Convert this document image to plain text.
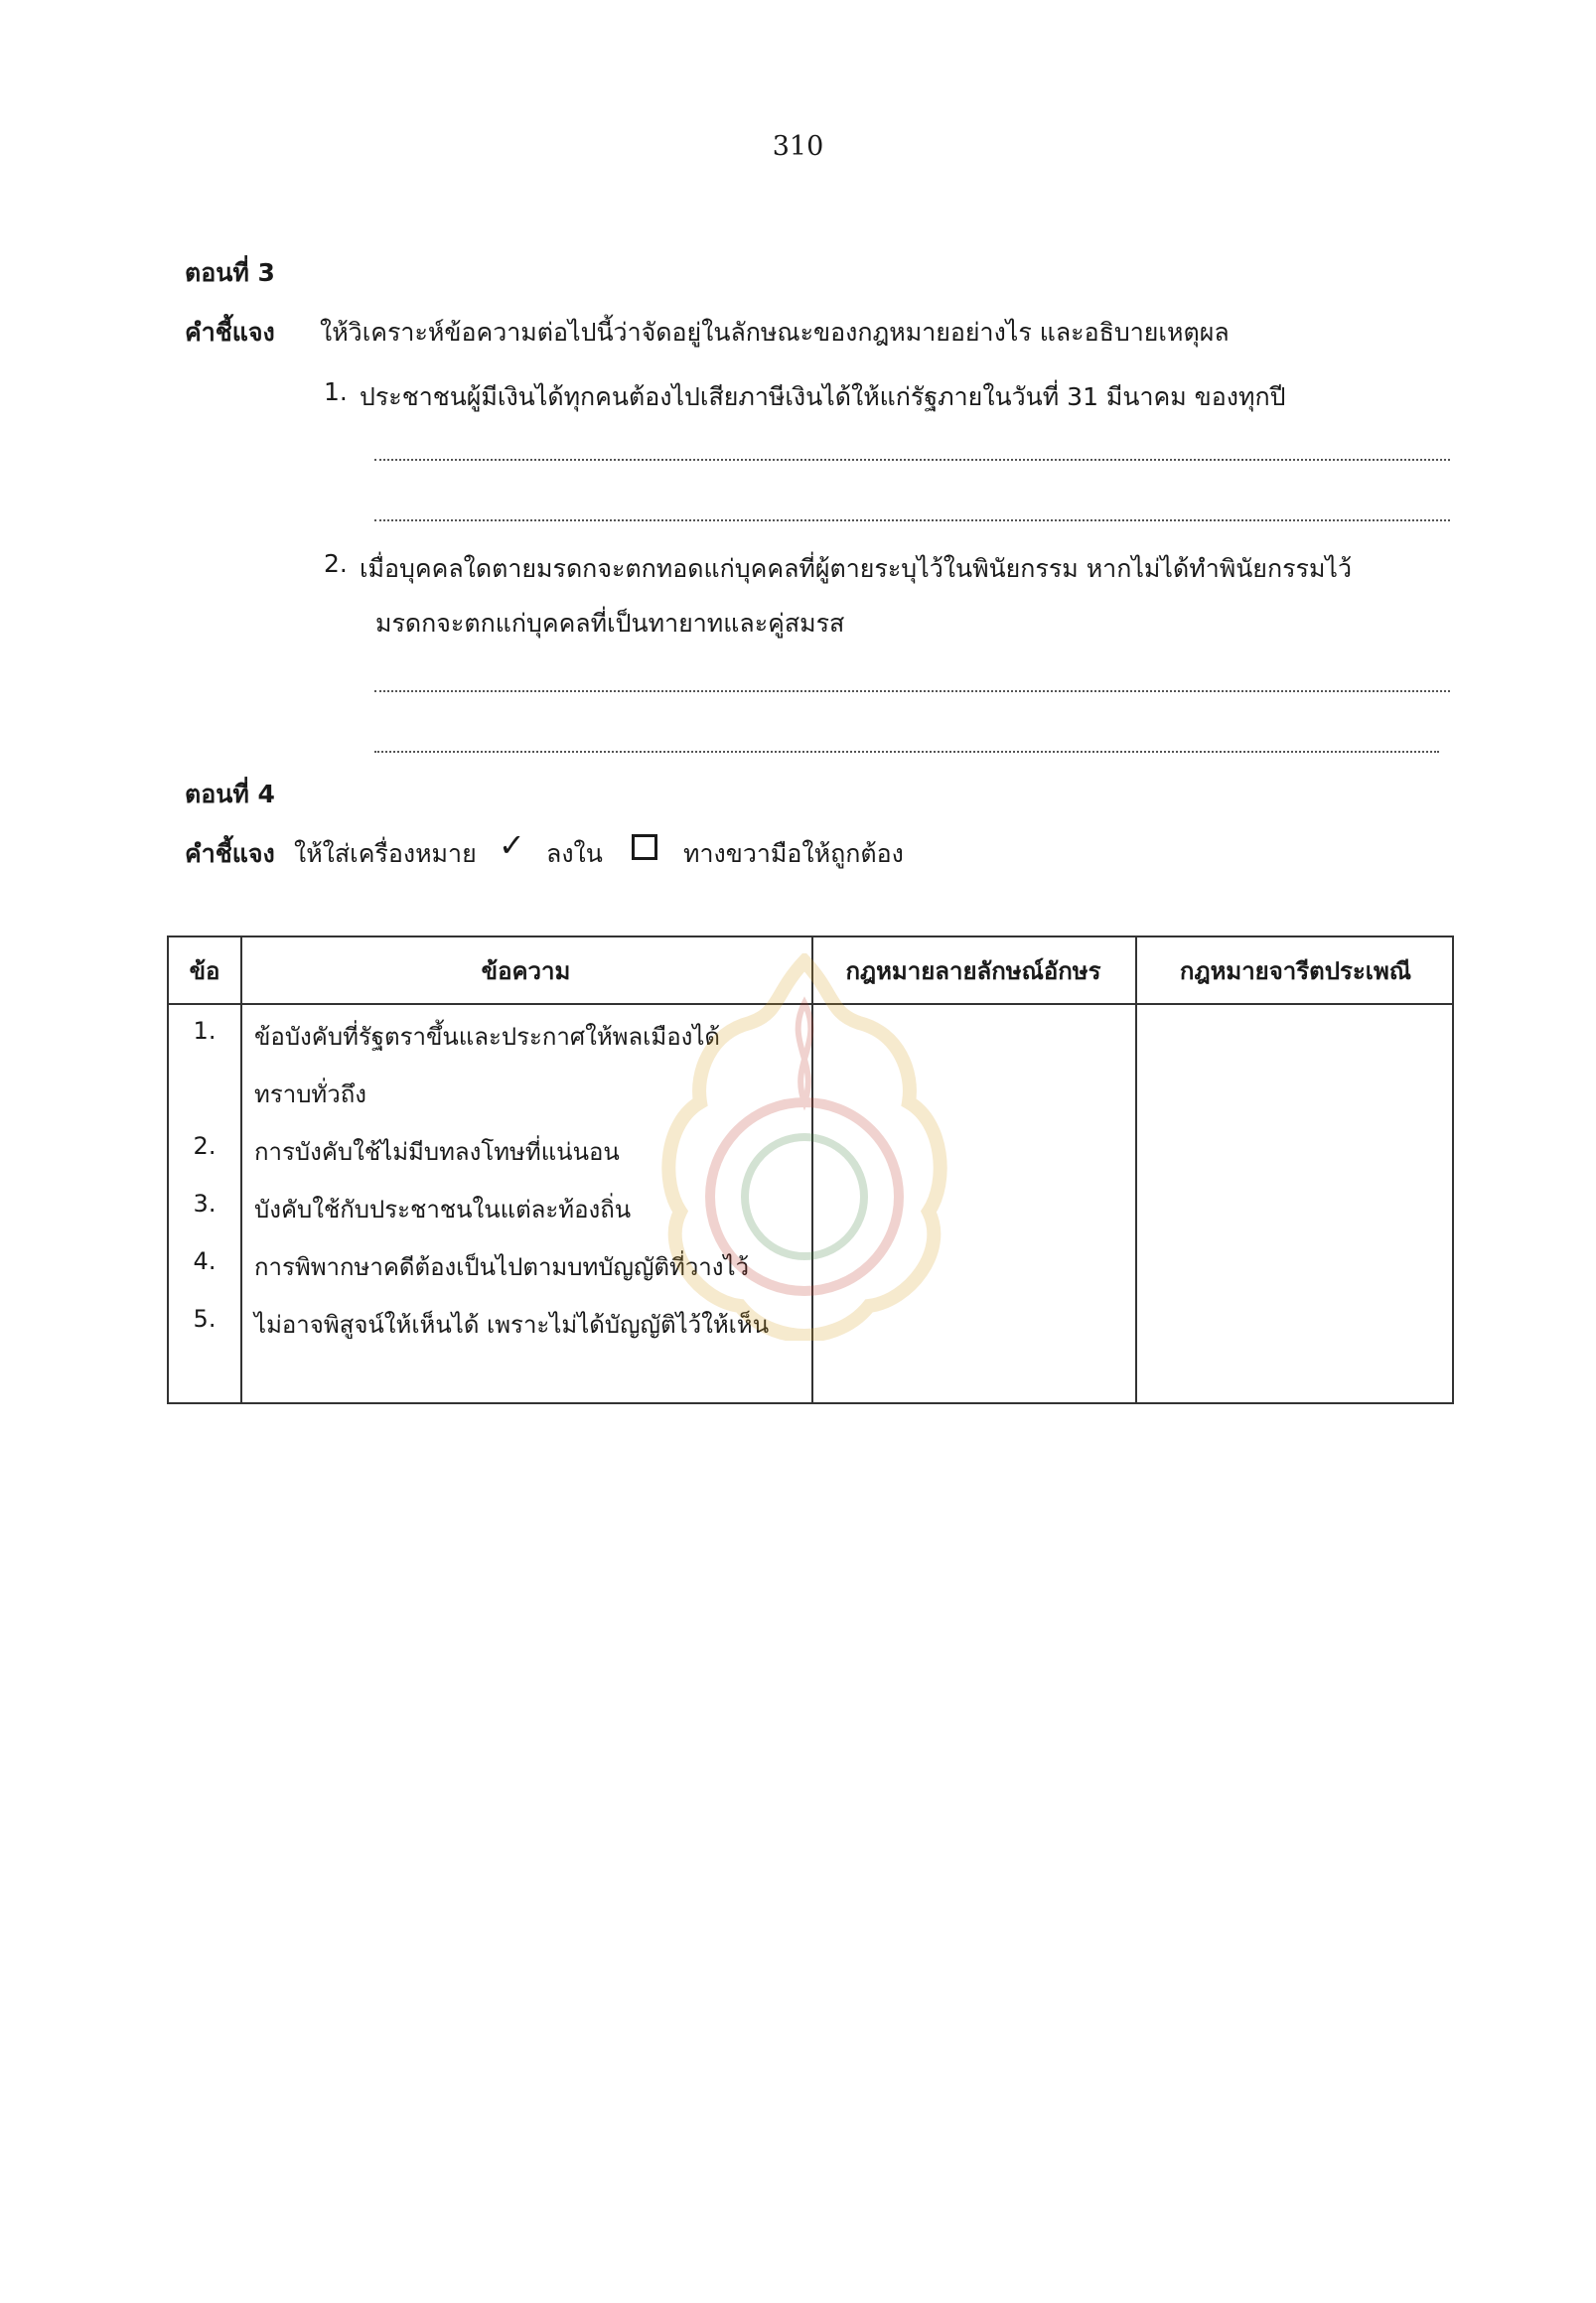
310
ตอนที่ 3
คำชี้แจง ให้วิเคราะห์ข้อความต่อไปนี้ว่าจัดอยู่ในลักษณะของกฎหมายอย่างไร และอธิบายเหตุผล
1. ประชาชนผู้มีเงินได้ทุกคนต้องไปเสียภาษีเงินได้ให้แก่รัฐภายในวันที่ 31 มีนาคม ของทุกปี
2. เมื่อบุคคลใดตายมรดกจะตกทอดแก่บุคคลที่ผู้ตายระบุไว้ในพินัยกรรม หากไม่ได้ทำพินัยกรรมไว้
มรดกจะตกแก่บุคคลที่เป็นทายาทและคู่สมรส
ตอนที่ 4
คำชี้แจง ให้ใส่เครื่องหมาย ✓ ลงใน	ทางขวามือให้ถูกต้อง
ข้อ	ข้อความ	กฎหมายลายลักษณ์อักษร	กฎหมายจารีตประเพณี
1.	ข้อบังคับที่รัฐตราขึ้นและประกาศให้พลเมืองได้
ทราบทั่วถึง
2.	การบังคับใช้ไม่มีบทลงโทษที่แน่นอน
3.	บังคับใช้กับประชาชนในแต่ละท้องถิ่น
4.	การพิพากษาคดีต้องเป็นไปตามบทบัญญัติที่วางไว้
5.	ไม่อาจพิสูจน์ให้เห็นได้ เพราะไม่ได้บัญญัติไว้ให้เห็น
